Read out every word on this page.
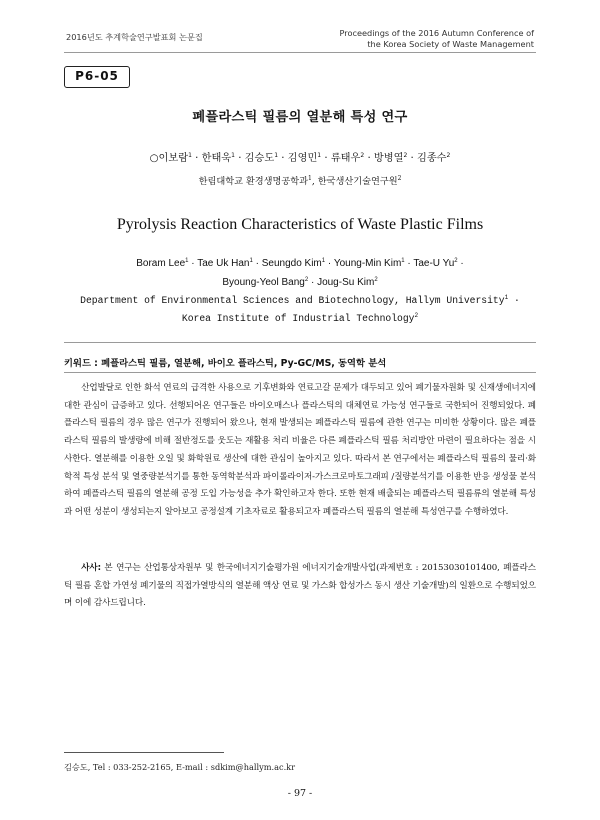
2016년도 추계학술연구발표회 논문집	Proceedings of the 2016 Autumn Conference of
the Korea Society of Waste Management
P6-05
폐플라스틱 필름의 열분해 특성 연구
○이보람$^1$ · 한태욱$^1$ · 김승도$^1$ · 김영민$^1$ · 류태우$^2$ · 방병열$^2$ · 김종수$^2$
한림대학교 환경생명공학과$^1$, 한국생산기술연구원$^2$
Pyrolysis Reaction Characteristics of Waste Plastic Films
Boram Lee$^1$ · Tae Uk Han$^1$ · Seungdo Kim$^1$ · Young-Min Kim$^1$ · Tae-U $Yu^2$ ·
Byoung-Yeol Bang$^2$ · Joug-Su Kim$^2$
Department of Environmental Sciences and Biotechnology, Hallym University$^1$ ·
Korea Institute of Industrial Technology$^2$
키워드 : 폐플라스틱 필름, 열분해, 바이오 플라스틱, Py-GC/MS, 동역학 분석

산업발달로 인한 화석 연료의 급격한 사용으로 기후변화와 연료고갈 문제가 대두되고 있어 폐기물자원화 및 신재생에너지에 대한 관심이 급증하고 있다. 선행되어온 연구들은 바이오매스나 플라스틱의 대체연료 가능성 연구들로 국한되어 진행되었다. 폐플라스틱 필름의 경우 많은 연구가 진행되어 왔으나, 현재 발생되는 폐플라스틱 필름에 관한 연구는 미비한 상황이다. 많은 폐플라스틱 필름의 발생량에 비해 절반정도를 웃도는 재활용 처리 비율은 다른 폐플라스틱 필름 처리방안 마련이 필요하다는 점을 시사한다. 열분해를 이용한 오일 및 화학원료 생산에 대한 관심이 높아지고 있다. 따라서 본 연구에서는 폐플라스틱 필름의 물리·화학적 특성 분석 및 열중량분석기를 통한 동역학분석과 파이롤라이저-가스크로마토그래피 /질량분석기를 이용한 반응 생성물 분석하여 폐플라스틱 필름의 열분해 공정 도입 가능성을 추가 확인하고자 한다. 또한 현재 배출되는 폐플라스틱 필름류의 열분해 특성과 어떤 성분이 생성되는지 알아보고 공정설계 기초자료로 활용되고자 폐플라스틱 필름의 열분해 특성연구를 수행하였다.

사사: 본 연구는 산업통상자원부 및 한국에너지기술평가원 에너지기술개발사업(과제번호 : 20153030101400, 폐플라스틱 필름 혼합 가연성 폐기물의 직접가열방식의 열분해 액상 연료 및 가스화 합성가스 동시 생산 기술개발)의 일환으로 수행되었으며 이에 감사드립니다.

김승도, Tel : 033-252-2165, E-mail : sdkim@hallym.ac.kr
- 97 -
